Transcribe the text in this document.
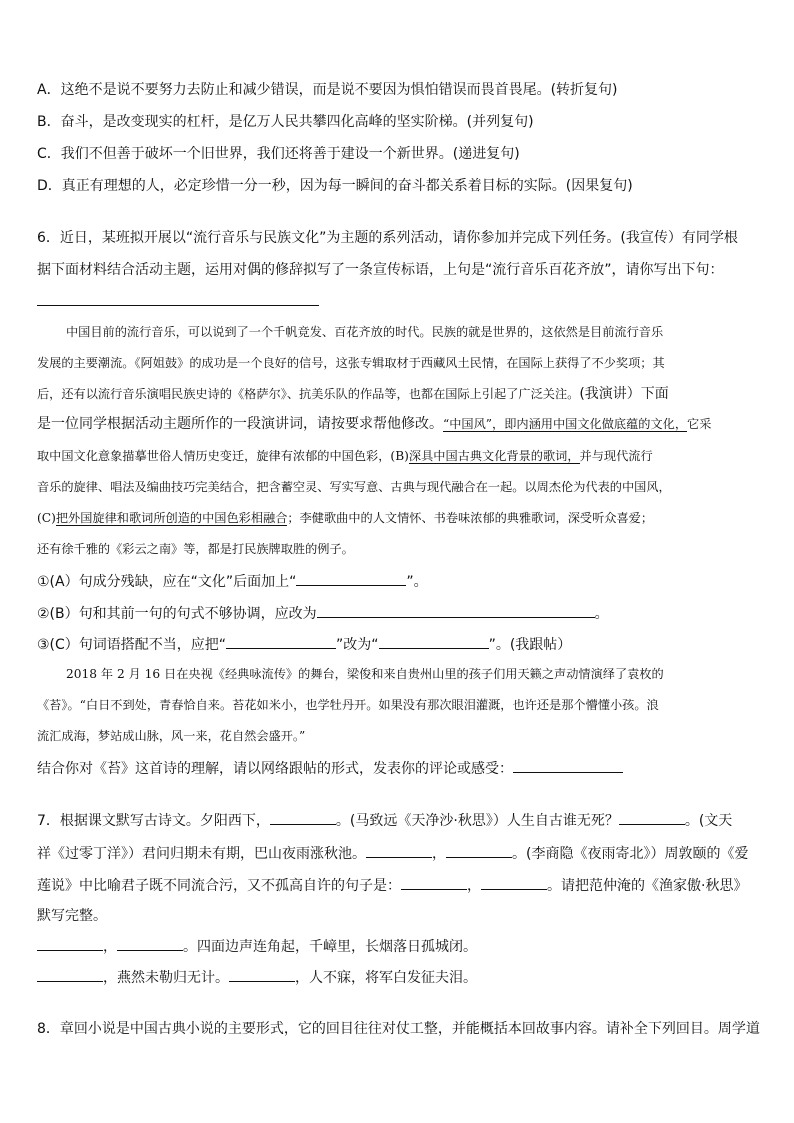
A．这绝不是说不要努力去防止和减少错误，而是说不要因为惧怕错误而畏首畏尾。(转折复句)
B．奋斗，是改变现实的杠杆，是亿万人民共攀四化高峰的坚实阶梯。(并列复句)
C．我们不但善于破坏一个旧世界，我们还将善于建设一个新世界。(递进复句)
D．真正有理想的人，必定珍惜一分一秒，因为每一瞬间的奋斗都关系着目标的实际。(因果复句)
6．近日，某班拟开展以“流行音乐与民族文化”为主题的系列活动，请你参加并完成下列任务。(我宣传）有同学根
据下面材料结合活动主题，运用对偶的修辞拟写了一条宣传标语，上句是“流行音乐百花齐放”，请你写出下句：
中国目前的流行音乐，可以说到了一个千帆竞发、百花齐放的时代。民族的就是世界的，这依然是目前流行音乐
发展的主要潮流。《阿姐鼓》的成功是一个良好的信号，这张专辑取材于西藏风土民情，在国际上获得了不少奖项；其
后，还有以流行音乐演唱民族史诗的《格萨尔》、抗美乐队的作品等，也都在国际上引起了广泛关注。(我演讲）下面
是一位同学根据活动主题所作的一段演讲词，请按要求帮他修改。“中国风”，即内涵用中国文化做底蕴的文化，它采
取中国文化意象描摹世俗人情历史变迁，旋律有浓郁的中国色彩，(B)深具中国古典文化背景的歌词，并与现代流行
音乐的旋律、唱法及编曲技巧完美结合，把含蓄空灵、写实写意、古典与现代融合在一起。以周杰伦为代表的中国风，
(C)把外国旋律和歌词所创造的中国色彩相融合；李健歌曲中的人文情怀、书卷味浓郁的典雅歌词，深受听众喜爱；
还有徐千雅的《彩云之南》等，都是打民族牌取胜的例子。
①(A）句成分残缺，应在“文化”后面加上“	”。
②(B）句和其前一句的句式不够协调，应改为	。
③(C）句词语搭配不当，应把“	”改为“	”。(我跟帖）
2018 年 2 月 16 日在央视《经典咏流传》的舞台，梁俊和来自贵州山里的孩子们用天籁之声动情演绎了袁枚的
《苔》。“白日不到处，青春恰自来。苔花如米小，也学牡丹开。如果没有那次眼泪灌溉，也许还是那个懵懂小孩。浪
流汇成海，梦站成山脉，风一来，花自然会盛开。”
结合你对《苔》这首诗的理解，请以网络跟帖的形式，发表你的评论或感受：
7．根据课文默写古诗文。夕阳西下，	。(马致远《天净沙·秋思》）人生自古谁无死？	。(文天
祥《过零丁洋》）君问归期未有期，巴山夜雨涨秋池。	，	。(李商隐《夜雨寄北》）周敦颐的《爱
莲说》中比喻君子既不同流合污，又不孤高自许的句子是：	，	。请把范仲淹的《渔家傲·秋思》
默写完整。
，	。四面边声连角起，千嶂里，长烟落日孤城闭。
，燕然未勒归无计。	，人不寐，将军白发征夫泪。
8．章回小说是中国古典小说的主要形式，它的回目往往对仗工整，并能概括本回故事内容。请补全下列回目。周学道
